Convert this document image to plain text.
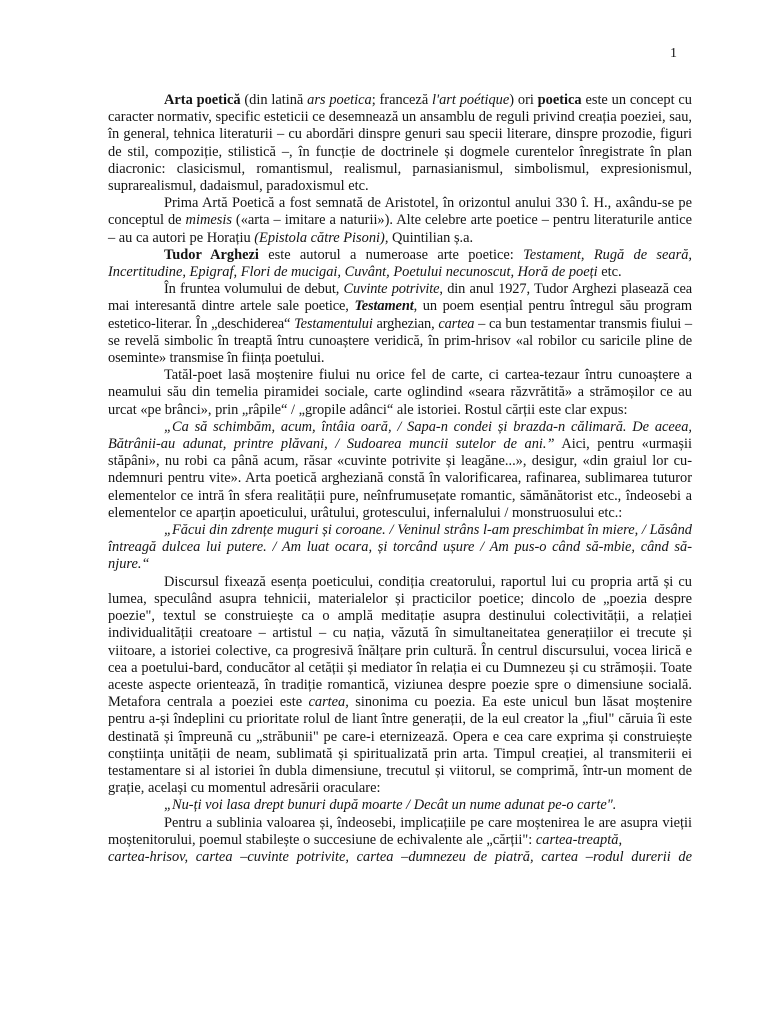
1

Arta poetică (din latină ars poetica; franceză l'art poétique) ori poetica este un concept cu caracter normativ, specific esteticii ce desemnează un ansamblu de reguli privind creația poeziei, sau, în general, tehnica literaturii – cu abordări dinspre genuri sau specii literare, dinspre prozodie, figuri de stil, compoziție, stilistică –, în funcție de doctrinele și dogmele curentelor înregistrate în plan diacronic: clasicismul, romantismul, realismul, parnasianismul, simbolismul, expresionismul, suprarealismul, dadaismul, paradoxismul etc.

Prima Artă Poetică a fost semnată de Aristotel, în orizontul anului 330 î. H., axându-se pe conceptul de mimesis («arta – imitare a naturii»). Alte celebre arte poetice – pentru literaturile antice – au ca autori pe Horațiu (Epistola către Pisoni), Quintilian ș.a.

Tudor Arghezi este autorul a numeroase arte poetice: Testament, Rugă de seară, Incertitudine, Epigraf, Flori de mucigai, Cuvânt, Poetului necunoscut, Horă de poeți etc.

În fruntea volumului de debut, Cuvinte potrivite, din anul 1927, Tudor Arghezi plasează cea mai interesantă dintre artele sale poetice, Testament, un poem esențial pentru întregul său program estetico-literar. În „deschiderea“ Testamentului arghezian, cartea – ca bun testamentar transmis fiului – se revelă simbolic în treaptă întru cunoaștere veridică, în prim-hrisov «al robilor cu saricile pline de oseminte» transmise în ființa poetului.

Tatăl-poet lasă moștenire fiului nu orice fel de carte, ci cartea-tezaur întru cunoaștere a neamului său din temelia piramidei sociale, carte oglindind «seara răzvrătită» a strămoșilor ce au urcat «pe brânci», prin „râpile“ / „gropile adânci“ ale istoriei. Rostul cărții este clar expus:

„Ca să schimbăm, acum, întâia oară, / Sapa-n condei și brazda-n călimară. De aceea, Bătrânii-au adunat, printre plăvani, / Sudoarea muncii sutelor de ani.” Aici, pentru «urmașii stăpâni», nu robi ca până acum, răsar «cuvinte potrivite și leagăne...», desigur, «din graiul lor cu-ndemnuri pentru vite». Arta poetică argheziană constă în valorificarea, rafinarea, sublimarea tuturor elementelor ce intră în sfera realității pure, neînfrumusețate romantic, sămănătorist etc., îndeosebi a elementelor ce aparțin apoeticului, urâtului, grotescului, infernalului / monstruosului etc.:

„Făcui din zdrențe muguri și coroane. / Veninul strâns l-am preschimbat în miere, / Lăsând întreagă dulcea lui putere. / Am luat ocara, și torcând ușure / Am pus-o când să-mbie, când să-njure.“

Discursul fixează esența poeticului, condiția creatorului, raportul lui cu propria artă și cu lumea, speculând asupra tehnicii, materialelor și practicilor poetice; dincolo de „poezia despre poezie", textul se construiește ca o amplă meditație asupra destinului colectivității, a relației individualității creatoare – artistul – cu nația, văzută în simultaneitatea generațiilor ei trecute și viitoare, a istoriei colective, ca progresivă înălțare prin cultură. În centrul discursului, vocea lirică e cea a poetului-bard, conducător al cetății și mediator în relația ei cu Dumnezeu și cu strămoșii. Toate aceste aspecte orientează, în tradiție romantică, viziunea despre poezie spre o dimensiune socială. Metafora centrala a poeziei este cartea, sinonima cu poezia. Ea este unicul bun lăsat moștenire pentru a-și îndeplini cu prioritate rolul de liant între generații, de la eul creator la „fiul" căruia îi este destinată și împreună cu „străbunii" pe care-i eternizează. Opera e cea care exprima și construiește conștiința unității de neam, sublimată și spiritualizată prin arta. Timpul creației, al transmiterii ei testamentare si al istoriei în dubla dimensiune, trecutul și viitorul, se comprimă, într-un moment de grație, același cu momentul adresării oraculare:

„Nu-ți voi lasa drept bunuri după moarte / Decât un nume adunat pe-o carte".

Pentru a sublinia valoarea și, îndeosebi, implicațiile pe care moștenirea le are asupra vieții moștenitorului, poemul stabilește o succesiune de echivalente ale „cărții": cartea-treaptă,

cartea-hrisov, cartea –cuvinte potrivite, cartea –dumnezeu de piatră, cartea –rodul durerii de
